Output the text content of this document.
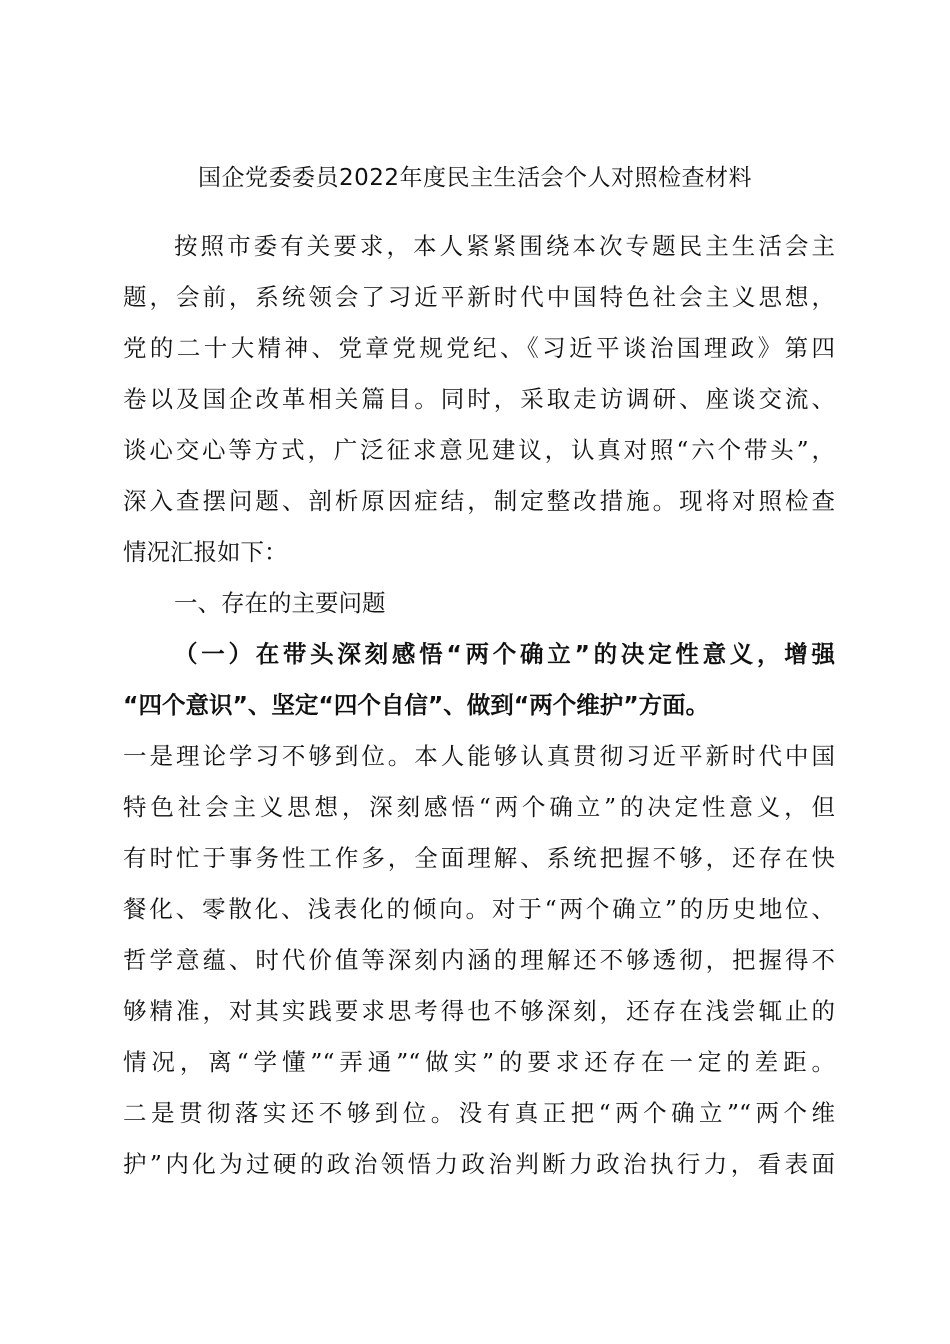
国企党委委员2022年度民主生活会个人对照检查材料
按照市委有关要求，本人紧紧围绕本次专题民主生活会主
题，会前，系统领会了习近平新时代中国特色社会主义思想，
党的二十大精神、党章党规党纪、《习近平谈治国理政》第四
卷以及国企改革相关篇目。同时，采取走访调研、座谈交流、
谈心交心等方式，广泛征求意见建议，认真对照“六个带头”，
深入查摆问题、剖析原因症结，制定整改措施。现将对照检查
情况汇报如下：
一、存在的主要问题
（一）在带头深刻感悟“两个确立”的决定性意义，增强
“四个意识”、坚定“四个自信”、做到“两个维护”方面。
一是理论学习不够到位。本人能够认真贯彻习近平新时代中国
特色社会主义思想，深刻感悟“两个确立”的决定性意义，但
有时忙于事务性工作多，全面理解、系统把握不够，还存在快
餐化、零散化、浅表化的倾向。对于“两个确立”的历史地位、
哲学意蕴、时代价值等深刻内涵的理解还不够透彻，把握得不
够精准，对其实践要求思考得也不够深刻，还存在浅尝辄止的
情况，离“学懂”“弄通”“做实”的要求还存在一定的差距。
二是贯彻落实还不够到位。没有真正把“两个确立”“两个维
护”内化为过硬的政治领悟力政治判断力政治执行力，看表面
